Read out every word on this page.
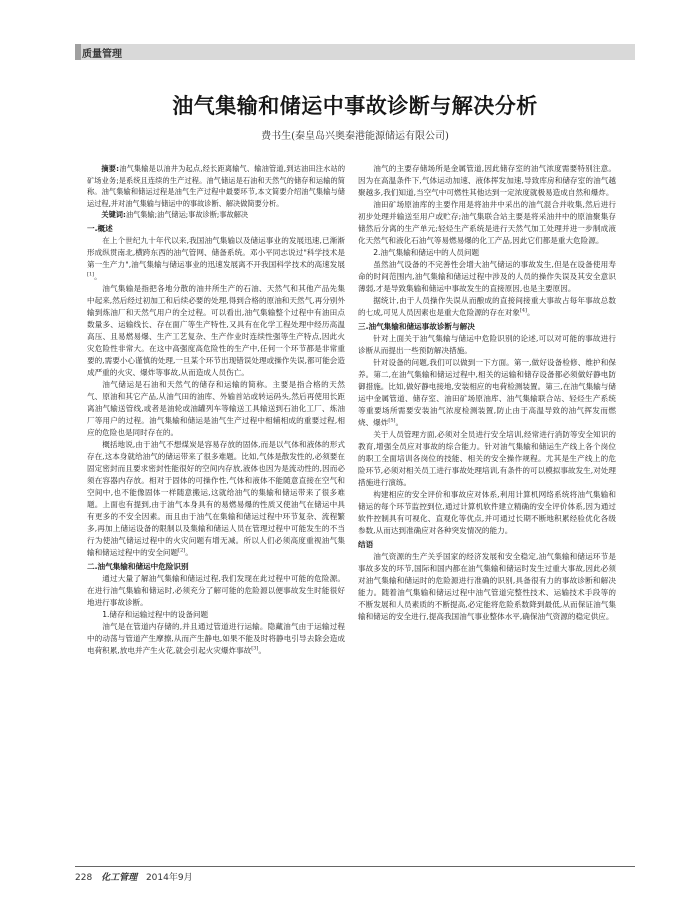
质量管理
油气集输和储运中事故诊断与解决分析
费书生(秦皇岛兴奥秦港能源储运有限公司)

摘要:油气集输是以油井为起点,经长距离输气、输油管道,到达油田注水站的矿场业务;是系统且连续的生产过程。油气储运是石油和天然气的储存和运输的简称。油气集输和储运过程是油气生产过程中最要环节,本文简要介绍油气集输与储运过程,并对油气集输与储运中的事故诊断、解决做简要分析。

关键词:油气集输;油气储运;事故诊断;事故解决

一.概述

在上个世纪九十年代以来,我国油气集输以及储运事业的发展迅速,已渐渐形成纵贯南北,横跨东西的油气管网、储备系统。邓小平同志说过"科学技术是第一生产力",油气集输与储运事业的迅速发展离不开我国科学技术的高速发展[1]。

油气集输是指把各地分散的油井所生产的石油、天然气和其他产品先集中起来,然后经过初加工和后续必要的处理,得到合格的原油和天然气,再分别外输到炼油厂和天然气用户的全过程。可以看出,油气集输整个过程中有油田点数量多、运输线长、存在面广等生产特性,又具有在化学工程处理中经历高温高压、且易燃易爆、生产工艺复杂、生产作业时连续性强等生产特点,因此火灾危险性非常大。在这中高强度高危险性的生产中,任何一个环节都是非常重要的,需要小心谨慎的处理,一旦某个环节出现错误处理或操作失误,都可能会造成严重的火灾、爆炸等事故,从而造成人员伤亡。

油气储运是石油和天然气的储存和运输的简称。主要是指合格的天然气、原油和其它产品,从油气田的油库、外输首站或转运码头,然后再使用长距离油气输送管线,或者是油轮或油罐列车等输送工具输送到石油化工厂、炼油厂等用户的过程。油气集输和储运是油气生产过程中相辅相成的重要过程,相应的危险也是同时存在的。

概括地说,由于油气不想煤炭是容易存放的固体,而是以气体和液体的形式存在,这本身就给油气的储运带来了很多难题。比如,气体是散发性的,必须要在固定密封而且要求密封性能很好的空间内存放,液体也因为是流动性的,因而必须在容器内存放。相对于固体的可操作性,气体和液体不能随意直接在空气和空间中,也不能像固体一样随意搬运,这就给油气的集输和储运带来了很多难题。上面也有提到,由于油气本身具有的易燃易爆的性质又使油气在储运中具有更多的不安全因素。而且由于油气在集输和储运过程中环节复杂、流程繁多,再加上储运设备的限制以及集输和储运人员在管理过程中可能发生的不当行为使油气储运过程中的火灾问题有增无减。所以人们必须高度重视油气集输和储运过程中的安全问题[2]。

二.油气集输和储运中危险识别

通过大量了解油气集输和储运过程,我们发现在此过程中可能的危险源。在进行油气集输和储运时,必须充分了解可能的危险源以便事故发生时能很好地进行事故诊断。

1.储存和运输过程中的设备问题

油气是在管道内存储的,并且通过管道进行运输。隐藏油气由于运输过程中的动荡与管道产生摩擦,从而产生静电,如果不能及时将静电引导去除会造成电荷积累,放电并产生火花,就会引起火灾爆炸事故[3]。

油气的主要存储场所是金属管道,因此储存室的油气浓度需要特别注意。因为在高温条件下,气体运动加速、液体挥发加速,导致库房和储存室的油气越聚越多,我们知道,当空气中可燃性其他达到一定浓度就极易造成自然和爆炸。

油田矿场原油库的主要作用是将油井中采出的油气混合并收集,然后进行初步处理并输送至用户或贮存;油气集联合站主要是将采油井中的原油聚集存储然后分离的生产单元;轻烃生产系统是进行天然气加工处理并进一步制成液化天然气和液化石油气等易燃易爆的化工产品,因此它们都是重大危险源。

2.油气集输和储运中的人员问题

虽然油气设备的不完善性会增大油气储运的事故发生,但是在设备使用寿命的时间范围内,油气集输和储运过程中涉及的人员的操作失误及其安全意识薄弱,才是导致集输和储运中事故发生的直接原因,也是主要原因。

据统计,由于人员操作失误从而酿成的直接间接重大事故占每年事故总数的七成,可见人员因素也是重大危险源的存在对象[4]。

三.油气集输和储运事故诊断与解决

针对上面关于油气集输与储运中危险识别的论述,可以对可能的事故进行诊断从而提出一些预防解决措施。

针对设备的问题,我们可以做到一下方面。第一,做好设备检修、维护和保养。第二,在油气集输和储运过程中,相关的运输和储存设备都必须做好静电防御措施。比如,做好静电接地,安装相应的电荷检测装置。第三,在油气集输与储运中金属管道、储存室、油田矿场原油库、油气集输联合站、轻烃生产系统等重要场所需要安装油气浓度检测装置,防止由于高温导致的油气挥发而燃烧、爆炸[5]。

关于人员管理方面,必须对全员进行安全培训,经常进行消防等安全知识的教育,增强全员应对事故的综合能力。针对油气集输和储运生产线上各个岗位的职工全面培训各岗位的技能、相关的安全操作规程。尤其是生产线上的危险环节,必须对相关员工进行事故处理培训,有条件的可以模拟事故发生,对处理措施进行演练。

构建相应的安全评价和事故应对体系,利用计算机网络系统将油气集输和储运的每个环节监控到位,通过计算机软件建立精确的安全评价体系,因为通过软件控制具有可视化、直观化等优点,并可通过长期不断地积累经验优化各级参数,从而达到准确应对各种突发情况的能力。

结语

油气资源的生产关乎国家的经济发展和安全稳定,油气集输和储运环节是事故多发的环节,国际和国内都在油气集输和储运时发生过重大事故,因此必须对油气集输和储运时的危险源进行准确的识别,具备很有力的事故诊断和解决能力。随着油气集输和储运过程中油气管道完整性技术、运输技术手段等的不断发展和人员素质的不断提高,必定能将危险系数降到最低,从而保证油气集输和储运的安全进行,提高我国油气事业整体水平,确保油气资源的稳定供应。

228 化工管理 2014年9月
